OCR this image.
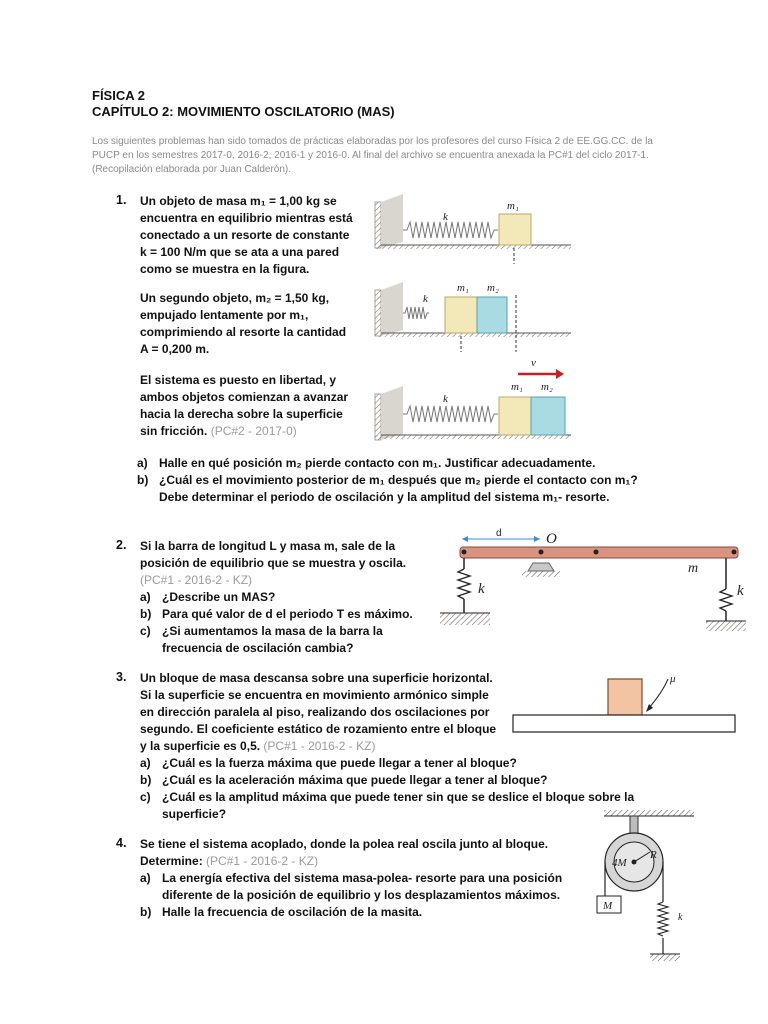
FÍSICA 2
CAPÍTULO 2: MOVIMIENTO OSCILATORIO (MAS)
Los siguientes problemas han sido tomados de prácticas elaboradas por los profesores del curso Física 2 de EE.GG.CC. de la
PUCP en los semestres 2017-0, 2016-2, 2016-1 y 2016-0. Al final del archivo se encuentra anexada la PC#1 del ciclo 2017-1.
(Recopilación elaborada por Juan Calderón).
1. Un objeto de masa m₁ = 1,00 kg se
encuentra en equilibrio mientras está
conectado a un resorte de constante
k = 100 N/m que se ata a una pared
como se muestra en la figura.
Un segundo objeto, m₂ = 1,50 kg,
empujado lentamente por m₁,
comprimiendo al resorte la cantidad
A = 0,200 m.
El sistema es puesto en libertad, y
ambos objetos comienzan a avanzar
hacia la derecha sobre la superficie
sin fricción. (PC#2 - 2017-0)
a) Halle en qué posición m₂ pierde contacto con m₁. Justificar adecuadamente.
b) ¿Cuál es el movimiento posterior de m₁ después que m₂ pierde el contacto con m₁?
Debe determinar el periodo de oscilación y la amplitud del sistema m₁- resorte.
k
m₁
k
m₁ m₂
v
k
m₁ m₂
2. Si la barra de longitud L y masa m, sale de la
posición de equilibrio que se muestra y oscila.
(PC#1 - 2016-2 - KZ)
a) ¿Describe un MAS?
b) Para qué valor de d el periodo T es máximo.
c) ¿Si aumentamos la masa de la barra la
frecuencia de oscilación cambia?
d	O
m
k	k
3. Un bloque de masa descansa sobre una superficie horizontal.
Si la superficie se encuentra en movimiento armónico simple
en dirección paralela al piso, realizando dos oscilaciones por
segundo. El coeficiente estático de rozamiento entre el bloque
y la superficie es 0,5. (PC#1 - 2016-2 - KZ)
a) ¿Cuál es la fuerza máxima que puede llegar a tener al bloque?
b) ¿Cuál es la aceleración máxima que puede llegar a tener al bloque?
c) ¿Cuál es la amplitud máxima que puede tener sin que se deslice el bloque sobre la
superficie?
μ
4. Se tiene el sistema acoplado, donde la polea real oscila junto al bloque.
Determine: (PC#1 - 2016-2 - KZ)
a) La energía efectiva del sistema masa-polea- resorte para una posición
diferente de la posición de equilibrio y los desplazamientos máximos.
b) Halle la frecuencia de oscilación de la masita.
4M
R
M
k
